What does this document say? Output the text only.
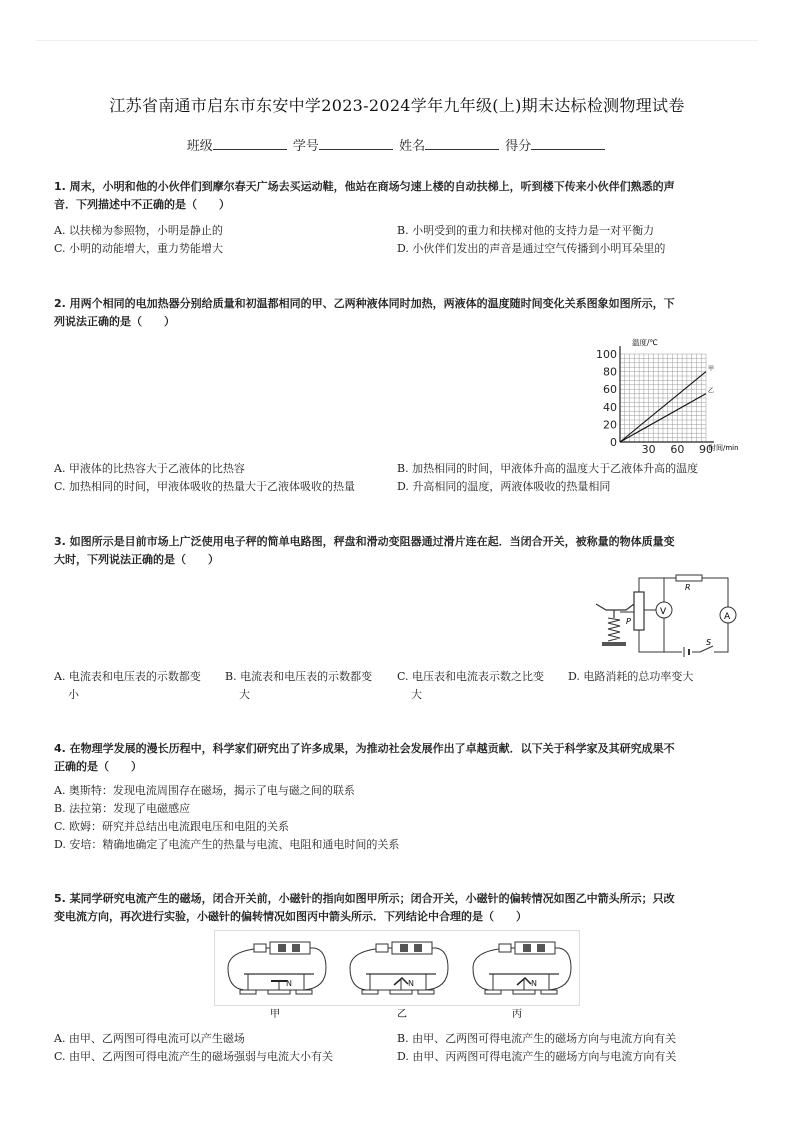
江苏省南通市启东市东安中学2023-2024学年九年级(上)期末达标检测物理试卷
班级	学号	姓名	得分
1. 周末，小明和他的小伙伴们到摩尔春天广场去买运动鞋，他站在商场匀速上楼的自动扶梯上，听到楼下传来小伙伴们熟悉的声
音．下列描述中不正确的是（　　）
A. 以扶梯为参照物，小明是静止的	B. 小明受到的重力和扶梯对他的支持力是一对平衡力
C. 小明的动能增大，重力势能增大	D. 小伙伴们发出的声音是通过空气传播到小明耳朵里的
2. 用两个相同的电加热器分别给质量和初温都相同的甲、乙两种液体同时加热，两液体的温度随时间变化关系图象如图所示，下
列说法正确的是（　　）
0
20
40
60
80
100
30 60 90
甲
乙
温度/℃
时间/min
A. 甲液体的比热容大于乙液体的比热容	B. 加热相同的时间，甲液体升高的温度大于乙液体升高的温度
C. 加热相同的时间，甲液体吸收的热量大于乙液体吸收的热量	D. 升高相同的温度，两液体吸收的热量相同
3. 如图所示是目前市场上广泛使用电子秤的简单电路图，秤盘和滑动变阻器通过滑片连在起．当闭合开关，被称量的物体质量变
大时，下列说法正确的是（　　）
P
R
V	A
S
A. 电流表和电压表的示数都变
小
B. 电流表和电压表的示数都变
大
C. 电压表和电流表示数之比变
大
D. 电路消耗的总功率变大
4. 在物理学发展的漫长历程中，科学家们研究出了许多成果，为推动社会发展作出了卓越贡献．以下关于科学家及其研究成果不
正确的是（　　）
A. 奥斯特：发现电流周围存在磁场，揭示了电与磁之间的联系
B. 法拉第：发现了电磁感应
C. 欧姆：研究并总结出电流跟电压和电阻的关系
D. 安培：精确地确定了电流产生的热量与电流、电阻和通电时间的关系
5. 某同学研究电流产生的磁场，闭合开关前，小磁针的指向如图甲所示；闭合开关，小磁针的偏转情况如图乙中箭头所示；只改
变电流方向，再次进行实验，小磁针的偏转情况如图丙中箭头所示．下列结论中合理的是（　　）
N	N	N
甲	乙	丙
A. 由甲、乙两图可得电流可以产生磁场	B. 由甲、乙两图可得电流产生的磁场方向与电流方向有关
C. 由甲、乙两图可得电流产生的磁场强弱与电流大小有关	D. 由甲、丙两图可得电流产生的磁场方向与电流方向有关
